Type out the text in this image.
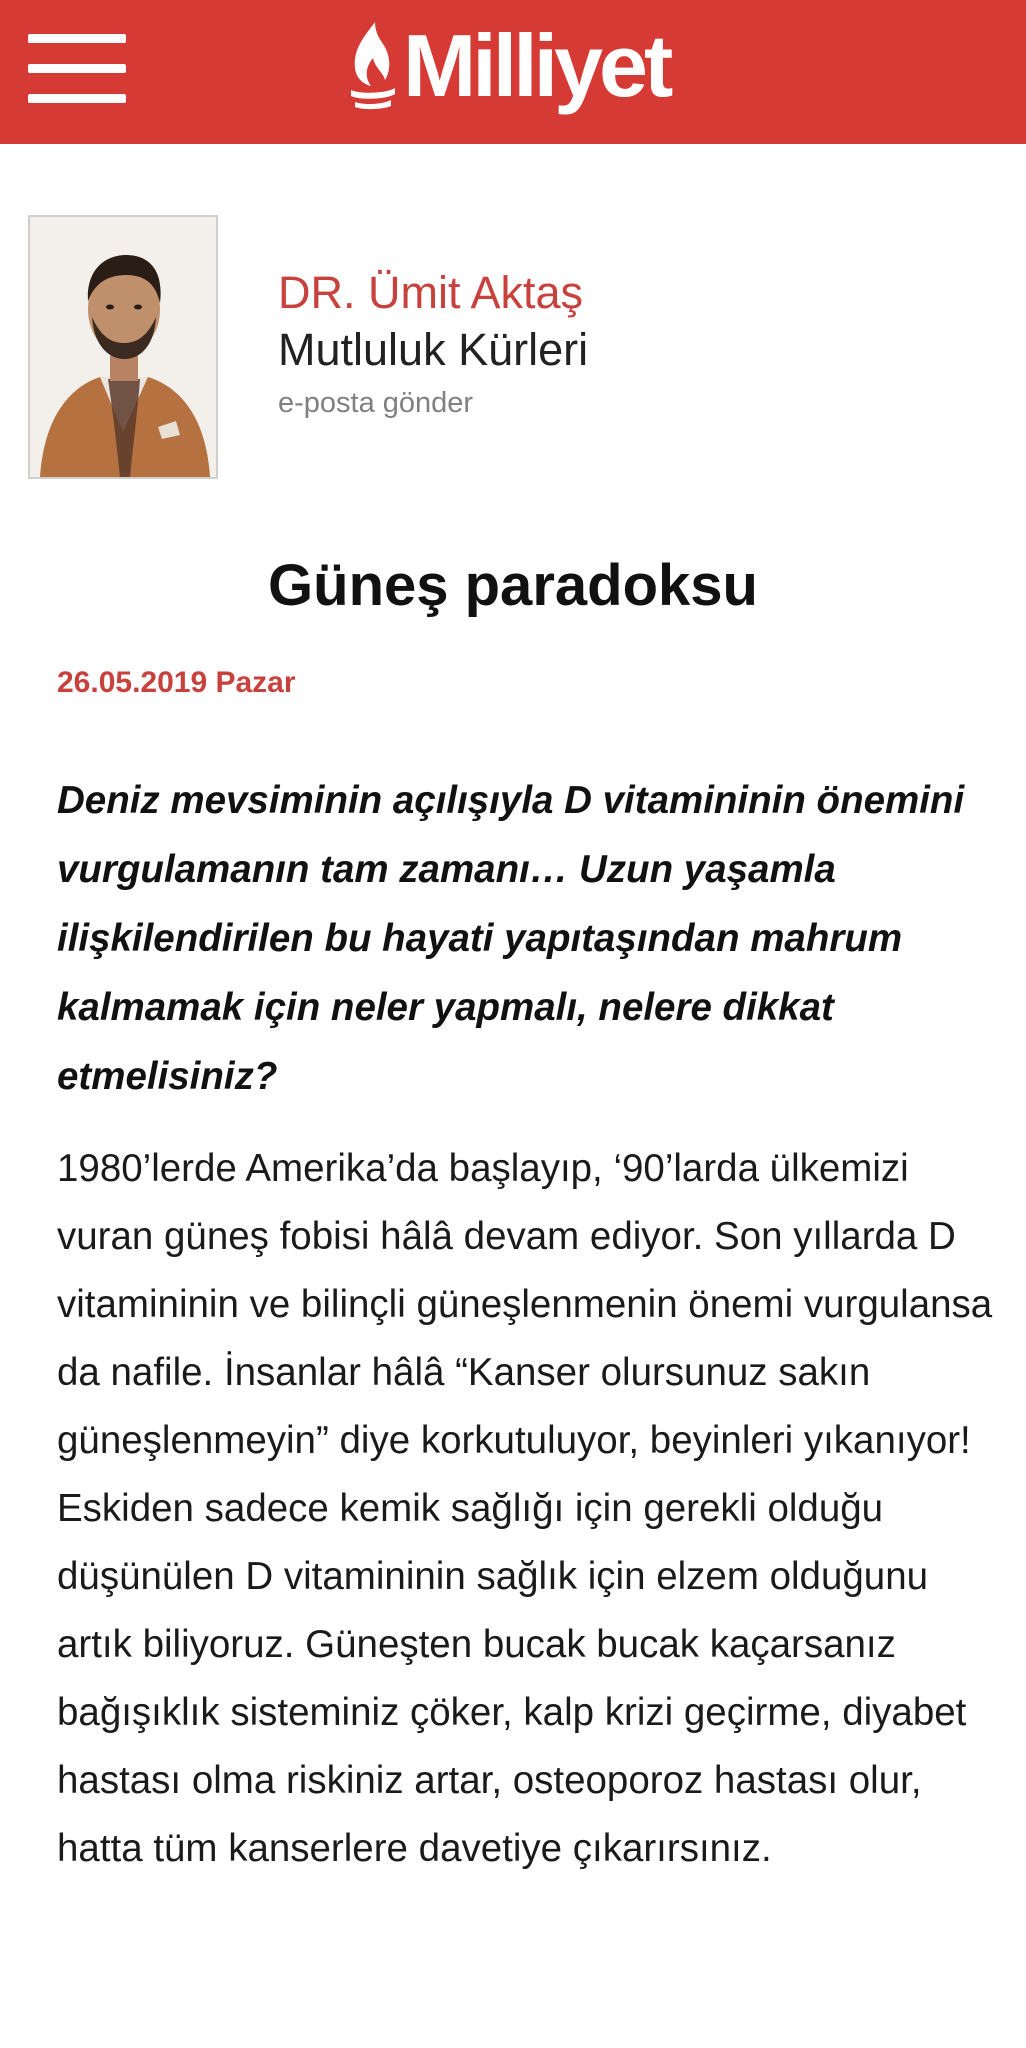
Milliyet
DR. Ümit Aktaş
Mutluluk Kürleri
e-posta gönder
Güneş paradoksu
26.05.2019 Pazar

Deniz mevsiminin açılışıyla D vitamininin önemini vurgulamanın tam zamanı… Uzun yaşamla ilişkilendirilen bu hayati yapıtaşından mahrum kalmamak için neler yapmalı, nelere dikkat etmelisiniz?

1980’lerde Amerika’da başlayıp, ‘90’larda ülkemizi vuran güneş fobisi hâlâ devam ediyor. Son yıllarda D vitamininin ve bilinçli güneşlenmenin önemi vurgulansa da nafile. İnsanlar hâlâ “Kanser olursunuz sakın güneşlenmeyin” diye korkutuluyor, beyinleri yıkanıyor! Eskiden sadece kemik sağlığı için gerekli olduğu düşünülen D vitamininin sağlık için elzem olduğunu artık biliyoruz. Güneşten bucak bucak kaçarsanız bağışıklık sisteminiz çöker, kalp krizi geçirme, diyabet hastası olma riskiniz artar, osteoporoz hastası olur, hatta tüm kanserlere davetiye çıkarırsınız.
